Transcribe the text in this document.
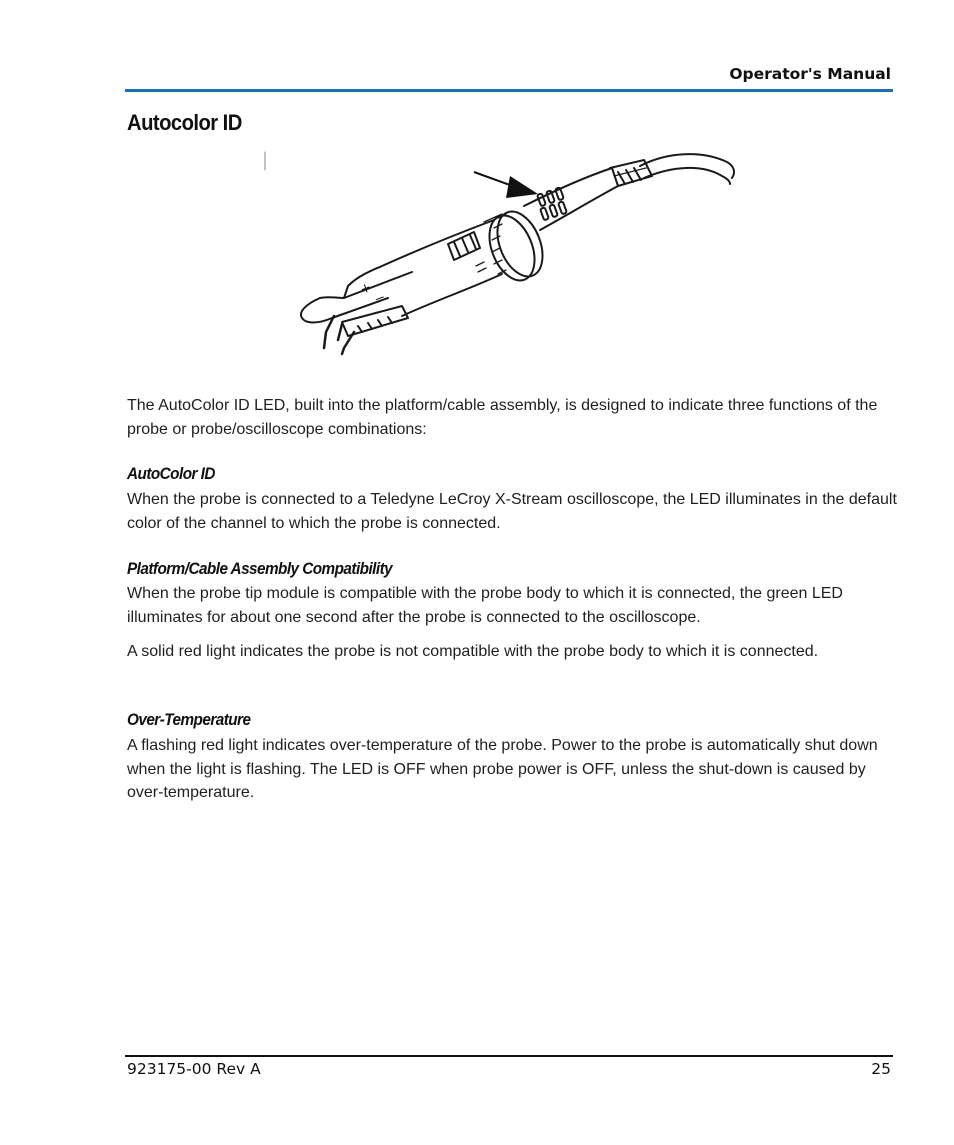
Operator's Manual
Autocolor ID
+
−

The AutoColor ID LED, built into the platform/cable assembly, is designed to indicate three functions of the probe or probe/oscilloscope combinations:

AutoColor ID

When the probe is connected to a Teledyne LeCroy X-Stream oscilloscope, the LED illuminates in the default color of the channel to which the probe is connected.

Platform/Cable Assembly Compatibility

When the probe tip module is compatible with the probe body to which it is connected, the green LED illuminates for about one second after the probe is connected to the oscilloscope.

A solid red light indicates the probe is not compatible with the probe body to which it is connected.

Over-Temperature

A flashing red light indicates over-temperature of the probe. Power to the probe is automatically shut down when the light is flashing. The LED is OFF when probe power is OFF, unless the shut-down is caused by over-temperature.

923175-00 Rev A	25
